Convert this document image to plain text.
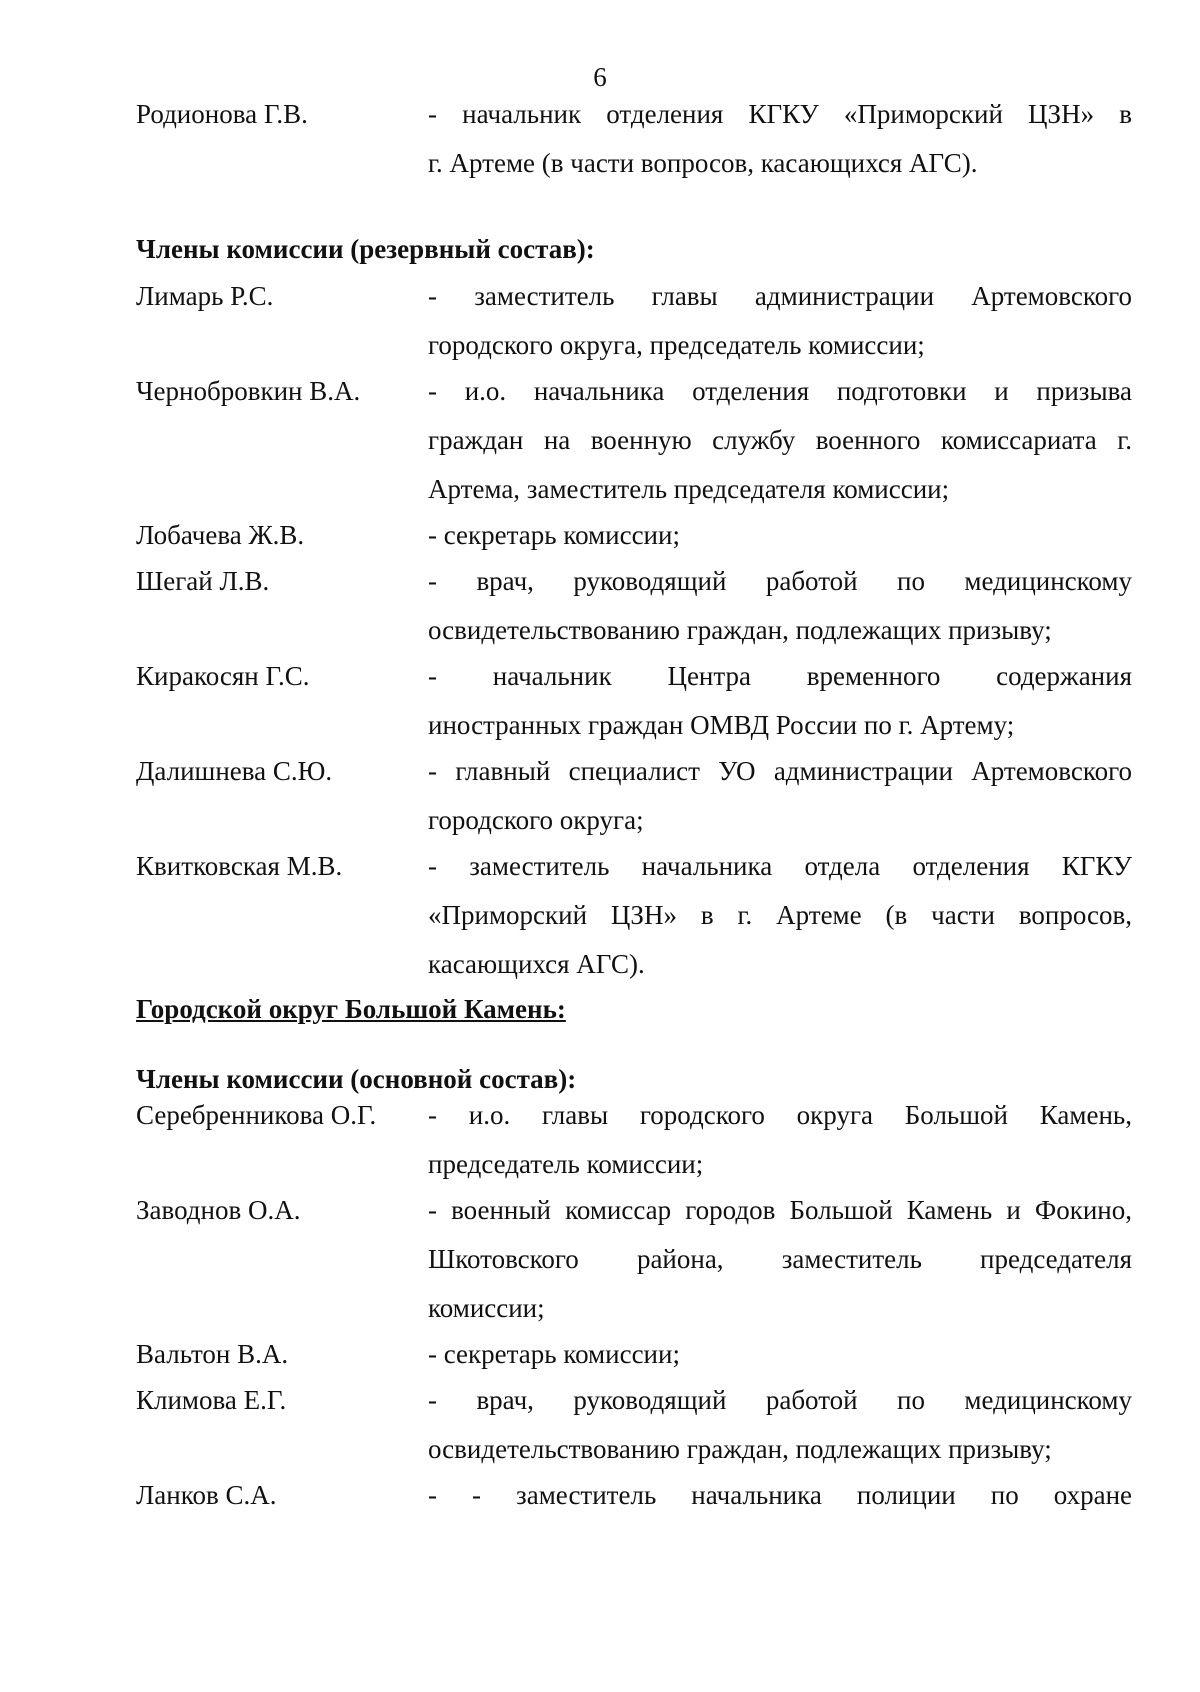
6
Родионова Г.В.	- начальник отделения КГКУ «Приморский ЦЗН» в
г. Артеме (в части вопросов, касающихся АГС).
Члены комиссии (резервный состав):
Лимарь Р.С.	- заместитель главы администрации Артемовского
городского округа, председатель комиссии;
Чернобровкин В.А.	- и.о. начальника отделения подготовки и призыва
граждан на военную службу военного комиссариата г.
Артема, заместитель председателя комиссии;
Лобачева Ж.В.	- секретарь комиссии;
Шегай Л.В.	- врач, руководящий работой по медицинскому
освидетельствованию граждан, подлежащих призыву;
Киракосян Г.С.	- начальник Центра временного содержания
иностранных граждан ОМВД России по г. Артему;
Далишнева С.Ю.	- главный специалист УО администрации Артемовского
городского округа;
Квитковская М.В.	- заместитель начальника отдела отделения КГКУ
«Приморский ЦЗН» в г. Артеме (в части вопросов,
касающихся АГС).
Городской округ Большой Камень:
Члены комиссии (основной состав):
Серебренникова О.Г. - и.о. главы городского округа Большой Камень,
председатель комиссии;
Заводнов О.А.	- военный комиссар городов Большой Камень и Фокино,
Шкотовского района, заместитель председателя
комиссии;
Вальтон В.А.	- секретарь комиссии;
Климова Е.Г.	- врач, руководящий работой по медицинскому
освидетельствованию граждан, подлежащих призыву;
Ланков С.А.	- - заместитель начальника полиции по охране
